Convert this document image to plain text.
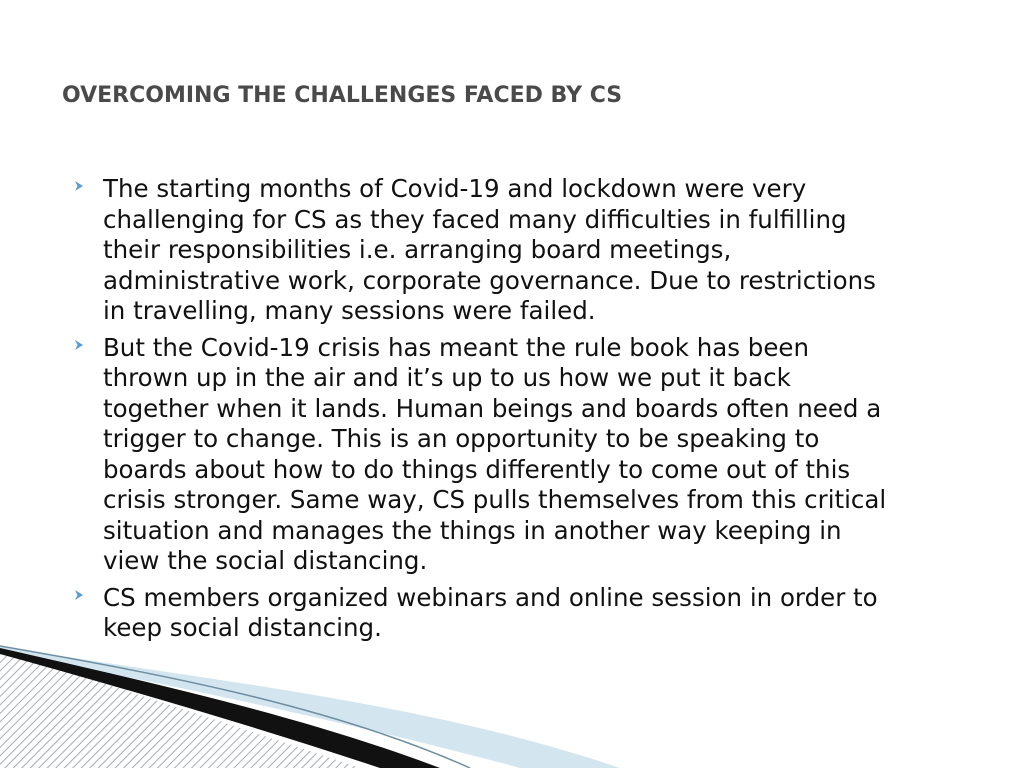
OVERCOMING THE CHALLENGES FACED BY CS
The starting months of Covid-19 and lockdown were very
challenging for CS as they faced many difficulties in fulfilling
their responsibilities i.e. arranging board meetings,
administrative work, corporate governance. Due to restrictions
in travelling, many sessions were failed.
But the Covid-19 crisis has meant the rule book has been
thrown up in the air and it’s up to us how we put it back
together when it lands. Human beings and boards often need a
trigger to change. This is an opportunity to be speaking to
boards about how to do things differently to come out of this
crisis stronger. Same way, CS pulls themselves from this critical
situation and manages the things in another way keeping in
view the social distancing.
CS members organized webinars and online session in order to
keep social distancing.
